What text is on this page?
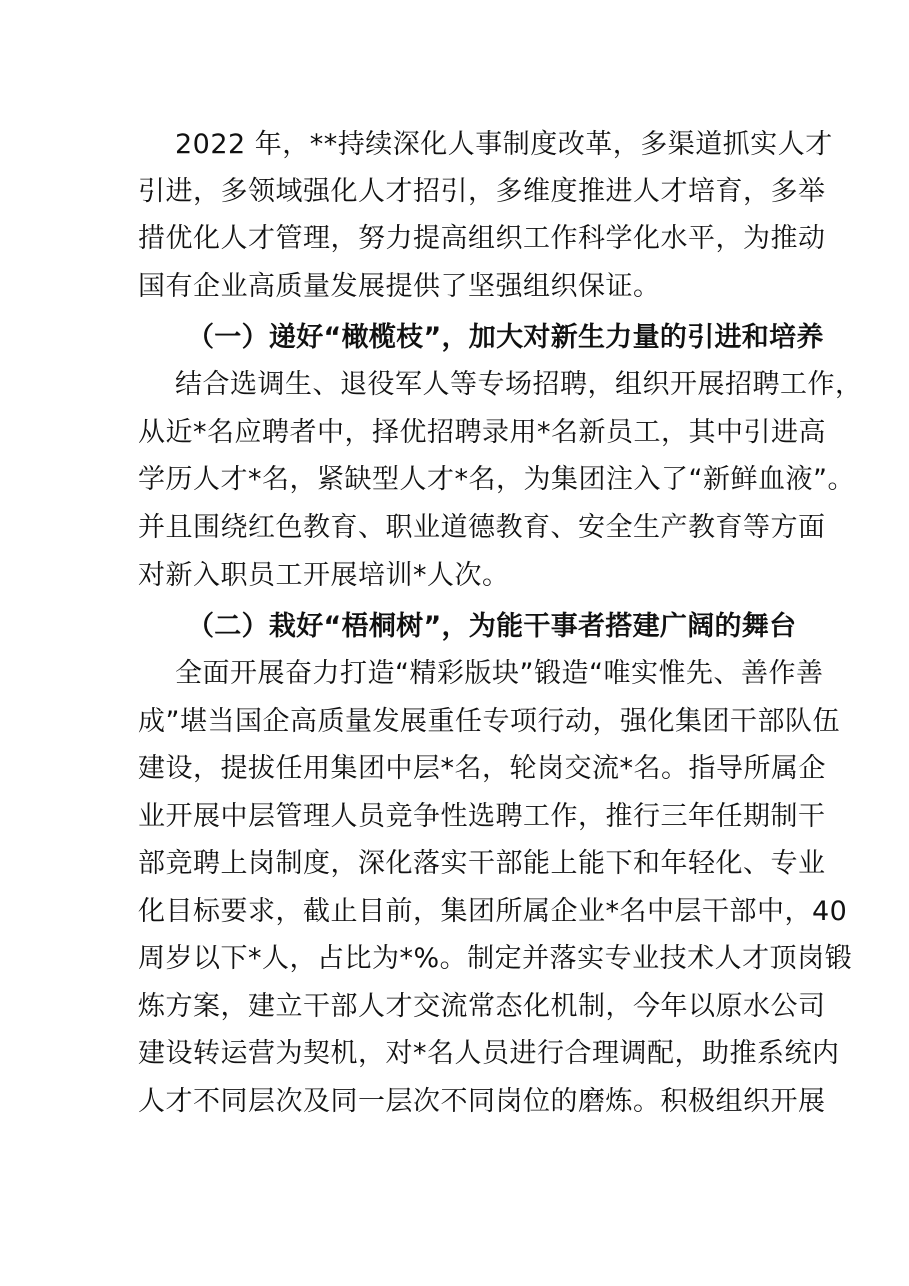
2022 年，**持续深化人事制度改革，多渠道抓实人才
引进，多领域强化人才招引，多维度推进人才培育，多举
措优化人才管理，努力提高组织工作科学化水平，为推动
国有企业高质量发展提供了坚强组织保证。
（一）递好“橄榄枝”，加大对新生力量的引进和培养
结合选调生、退役军人等专场招聘，组织开展招聘工作，
从近*名应聘者中，择优招聘录用*名新员工，其中引进高
学历人才*名，紧缺型人才*名，为集团注入了“新鲜血液”。
并且围绕红色教育、职业道德教育、安全生产教育等方面
对新入职员工开展培训*人次。
（二）栽好“梧桐树”，为能干事者搭建广阔的舞台
全面开展奋力打造“精彩版块”锻造“唯实惟先、善作善
成”堪当国企高质量发展重任专项行动，强化集团干部队伍
建设，提拔任用集团中层*名，轮岗交流*名。指导所属企
业开展中层管理人员竞争性选聘工作，推行三年任期制干
部竞聘上岗制度，深化落实干部能上能下和年轻化、专业
化目标要求，截止目前，集团所属企业*名中层干部中，40
周岁以下*人，占比为*%。制定并落实专业技术人才顶岗锻
炼方案，建立干部人才交流常态化机制，今年以原水公司
建设转运营为契机，对*名人员进行合理调配，助推系统内
人才不同层次及同一层次不同岗位的磨炼。积极组织开展
